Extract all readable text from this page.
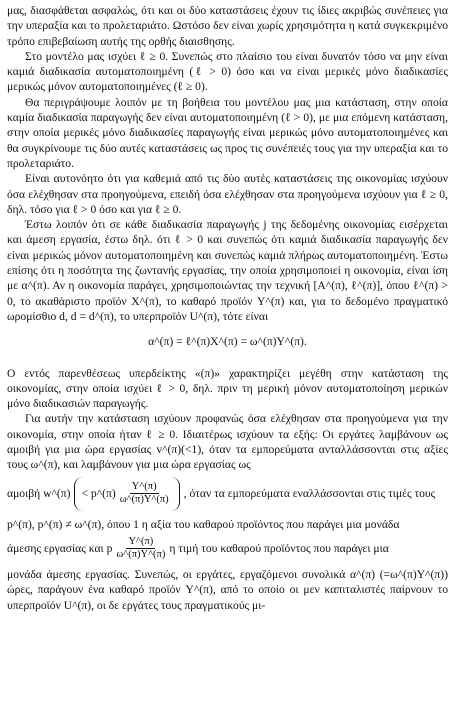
μας, διασφάθεται ασφαλώς, ότι και οι δύο καταστάσεις έχουν τις ίδιες ακριβώς συνέπειες για την υπεραξία και το προλεταριάτο. Ωστόσο δεν είναι χωρίς χρησιμότητα η κατά συγκεκριμένο τρόπο επιβεβαίωση αυτής της ορθής διαισθησης.

Στο μοντέλο μας ισχύει ℓ ≥ 0. Συνεπώς στο πλαίσιο του είναι δυνατόν τόσο να μην είναι καμιά διαδικασία αυτοματοποιημένη (ℓ > 0) όσο και να είναι μερικές μόνο διαδικασίες μερικώς μόνον αυτοματοποιημένες (ℓ ≥ 0).

Θα περιγράψουμε λοιπόν με τη βοήθεια του μοντέλου μας μια κατάσταση, στην οποία καμία διαδικασία παραγωγής δεν είναι αυτοματοποιημένη (ℓ > 0), με μια επόμενη κατάσταση, στην οποία μερικές μόνο διαδικασίες παραγωγής είναι μερικώς μόνο αυτοματοποιημένες και θα συγκρίνουμε τις δύο αυτές καταστάσεις ως προς τις συνέπειές τους για την υπεραξία και το προλεταριάτο.

Είναι αυτονόητο ότι για καθεμιά από τις δύο αυτές καταστάσεις της οικονομίας ισχύουν όσα ελέχθησαν στα προηγούμενα, επειδή όσα ελέχθησαν στα προηγούμενα ισχύουν για ℓ ≥ 0, δηλ. τόσο για ℓ > 0 όσο και για ℓ ≥ 0.

Έστω λοιπόν ότι σε κάθε διαδικασία παραγωγής j της δεδομένης οικονομίας εισέρχεται και άμεση εργασία, έστω δηλ. ότι ℓ > 0 και συνεπώς ότι καμιά διαδικασία παραγωγής δεν είναι μερικώς μόνον αυτοματοποιημένη και συνεπώς καμιά πλήρως αυτοματοποιημένη. Έστω επίσης ότι η ποσότητα της ζωντανής εργασίας, την οποία χρησιμοποιεί η οικονομία, είναι ίση με α^(π). Αν η οικονομία παράγει, χρησιμοποιώντας την τεχνική [A^(π), ℓ^(π)], όπου ℓ^(π) > 0, το ακαθάριστο προϊόν X^(π), το καθαρό προϊόν Y^(π) και, για το δεδομένο πραγματικό ωρομίσθιο d, d = d^(π), το υπερπροϊόν U^(π), τότε είναι

α^(π) = ℓ^(π)X^(π) = ω^(π)Y^(π).

Ο εντός παρενθέσεως υπερδείκτης «(π)» χαρακτηρίζει μεγέθη στην κατάσταση της οικονομίας, στην οποία ισχύει ℓ > 0, δηλ. πριν τη μερική μόνον αυτοματοποίηση μερικών μόνο διαδικασιών παραγωγής.

Για αυτήν την κατάσταση ισχύουν προφανώς όσα ελέχθησαν στα προηγούμενα για την οικονομία, στην οποία ήταν ℓ ≥ 0. Ιδιαιτέρως ισχύουν τα εξής: Οι εργάτες λαμβάνουν ως αμοιβή για μια ώρα εργασίας v^(π)(<1), όταν τα εμπορεύματα ανταλλάσσονται στις αξίες τους ω^(π), και λαμβάνουν για μια ώρα εργασίας ως

αμοιβή w^(π) < p^(π) $\frac{Y\^{}(\pi)}{\omega\^{}(\pi)Y\^{}(\pi)}$ , όταν τα εμπορεύματα εναλλάσσονται στις τιμές τους

p^(π), p^(π) ≠ ω^(π), όπου 1 η αξία του καθαρού προϊόντος που παράγει μια μονάδα

άμεσης εργασίας και p $\frac{Y\^{}(\pi)}{\omega\^{}(\pi)Y\^{}(\pi)}$ η τιμή του καθαρού προϊόντος που παράγει μια

μονάδα άμεσης εργασίας. Συνεπώς, οι εργάτες, εργαζόμενοι συνολικά α^(π) (=ω^(π)Y^(π)) ώρες, παράγουν ένα καθαρό προϊόν Y^(π), από το οποίο οι μεν καπιταλιστές παίρνουν το υπερπροϊόν U^(π), οι δε εργάτες τους πραγματικούς μι-
